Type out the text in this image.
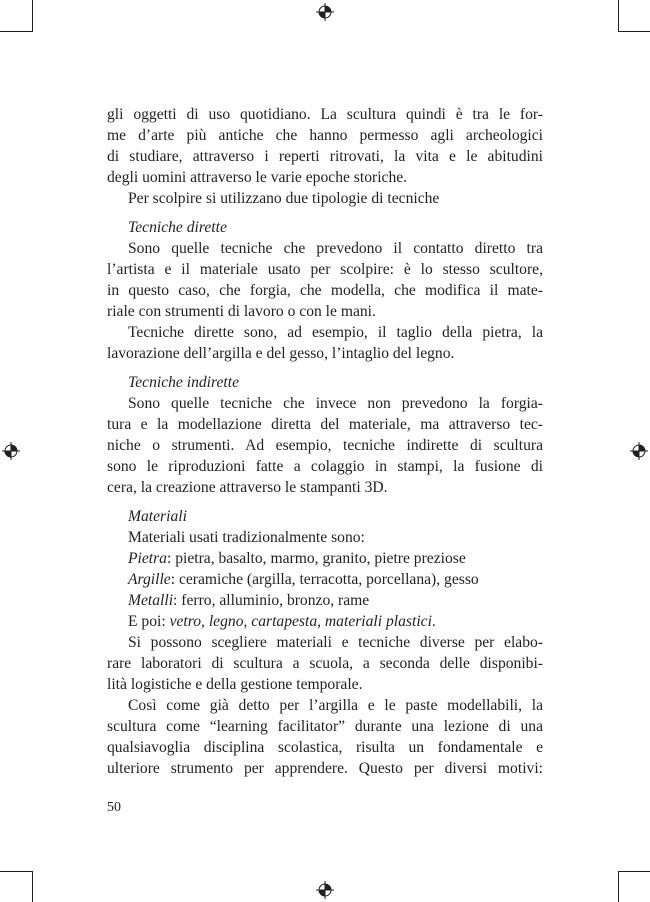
gli oggetti di uso quotidiano. La scultura quindi è tra le for-
me d’arte più antiche che hanno permesso agli archeologici
di studiare, attraverso i reperti ritrovati, la vita e le abitudini
degli uomini attraverso le varie epoche storiche.

Per scolpire si utilizzano due tipologie di tecniche

Tecniche dirette

Sono quelle tecniche che prevedono il contatto diretto tra
l’artista e il materiale usato per scolpire: è lo stesso scultore,
in questo caso, che forgia, che modella, che modifica il mate-
riale con strumenti di lavoro o con le mani.

Tecniche dirette sono, ad esempio, il taglio della pietra, la
lavorazione dell’argilla e del gesso, l’intaglio del legno.

Tecniche indirette

Sono quelle tecniche che invece non prevedono la forgia-
tura e la modellazione diretta del materiale, ma attraverso tec-
niche o strumenti. Ad esempio, tecniche indirette di scultura
sono le riproduzioni fatte a colaggio in stampi, la fusione di
cera, la creazione attraverso le stampanti 3D.

Materiali

Materiali usati tradizionalmente sono:

Pietra: pietra, basalto, marmo, granito, pietre preziose

Argille: ceramiche (argilla, terracotta, porcellana), gesso

Metalli: ferro, alluminio, bronzo, rame

E poi: vetro, legno, cartapesta, materiali plastici.

Si possono scegliere materiali e tecniche diverse per elabo-
rare laboratori di scultura a scuola, a seconda delle disponibi-
lità logistiche e della gestione temporale.

Così come già detto per l’argilla e le paste modellabili, la
scultura come “learning facilitator” durante una lezione di una
qualsiavoglia disciplina scolastica, risulta un fondamentale e
ulteriore strumento per apprendere. Questo per diversi motivi:

50
